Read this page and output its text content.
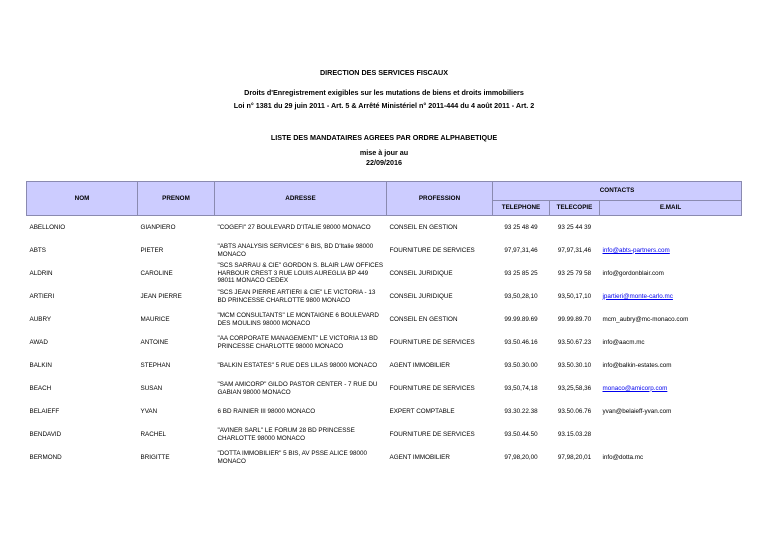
DIRECTION DES SERVICES FISCAUX
Droits d'Enregistrement exigibles sur les mutations de biens et droits immobiliers
Loi n° 1381 du 29 juin 2011 - Art. 5 & Arrêté Ministériel n° 2011-444 du 4 août 2011 - Art. 2
LISTE DES MANDATAIRES AGREES PAR ORDRE ALPHABETIQUE
mise à jour au
22/09/2016
NOM	PRENOM	ADRESSE	PROFESSION	CONTACTS		
				TELEPHONE	TELECOPIE	E.MAIL
ABELLONIO	GIANPIERO	"COGEFI" 27 BOULEVARD D'ITALIE 98000 MONACO	CONSEIL EN GESTION	93 25 48 49	93 25 44 39	
ABTS	PIETER	"ABTS ANALYSIS SERVICES" 6 BIS, BD D'Italie 98000 MONACO	FOURNITURE DE SERVICES	97,97,31,46	97,97,31,46	info@abts-partners.com
ALDRIN	CAROLINE	"SCS SARRAU & CIE" GORDON S. BLAIR LAW OFFICES HARBOUR CREST 3 RUE LOUIS AUREGLIA BP 449 98011 MONACO CEDEX	CONSEIL JURIDIQUE	93 25 85 25	93 25 79 58	info@gordonblair.com
ARTIERI	JEAN PIERRE	"SCS JEAN PIERRE ARTIERI & CIE" LE VICTORIA - 13 BD PRINCESSE CHARLOTTE 9800 MONACO	CONSEIL JURIDIQUE	93,50,28,10	93,50,17,10	jpartieri@monte-carlo.mc
AUBRY	MAURICE	"MCM CONSULTANTS" LE MONTAIGNE 6 BOULEVARD DES MOULINS 98000 MONACO	CONSEIL EN GESTION	99.99.89.69	99.99.89.70	mcm_aubry@mc-monaco.com
AWAD	ANTOINE	"AA CORPORATE MANAGEMENT" LE VICTORIA 13 BD PRINCESSE CHARLOTTE 98000 MONACO	FOURNITURE DE SERVICES	93.50.46.16	93.50.67.23	info@aacm.mc
BALKIN	STEPHAN	"BALKIN ESTATES" 5 RUE DES LILAS 98000 MONACO	AGENT IMMOBILIER	93.50.30.00	93.50.30.10	info@balkin-estates.com
BEACH	SUSAN	"SAM AMICORP" GILDO PASTOR CENTER - 7 RUE DU GABIAN 98000 MONACO	FOURNITURE DE SERVICES	93,50,74,18	93,25,58,36	monaco@amicorp.com
BELAIEFF	YVAN	6 BD RAINIER III 98000 MONACO	EXPERT COMPTABLE	93.30.22.38	93.50.06.76	yvan@belaieff-yvan.com
BENDAVID	RACHEL	"AVINER SARL" LE FORUM 28 BD PRINCESSE CHARLOTTE 98000 MONACO	FOURNITURE DE SERVICES	93.50.44.50	93.15.03.28	
BERMOND	BRIGITTE	"DOTTA IMMOBILIER" 5 BIS, AV PSSE ALICE 98000 MONACO	AGENT IMMOBILIER	97,98,20,00	97,98,20,01	info@dotta.mc
